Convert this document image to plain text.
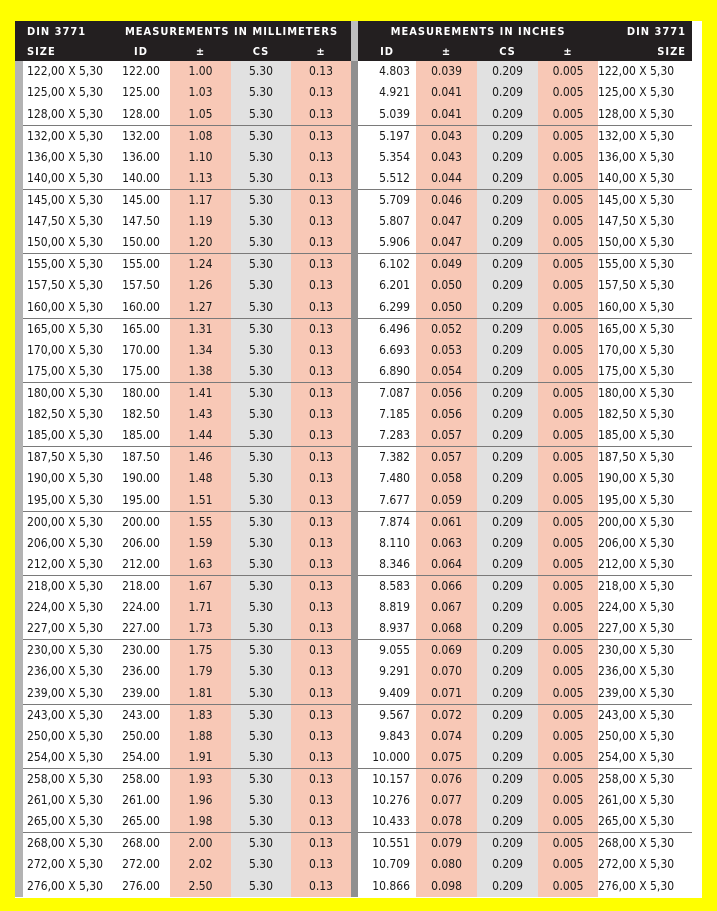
	DIN 3771	MEASUREMENTS IN MILLIMETERS					MEASUREMENTS IN INCHES				DIN 3771
	SIZE	ID	±	CS	±		ID	±	CS	±	SIZE
	122,00 X 5,30	122.00	1.00	5.30	0.13		4.803	0.039	0.209	0.005	122,00 X 5,30
	125,00 X 5,30	125.00	1.03	5.30	0.13		4.921	0.041	0.209	0.005	125,00 X 5,30
	128,00 X 5,30	128.00	1.05	5.30	0.13		5.039	0.041	0.209	0.005	128,00 X 5,30
	132,00 X 5,30	132.00	1.08	5.30	0.13		5.197	0.043	0.209	0.005	132,00 X 5,30
	136,00 X 5,30	136.00	1.10	5.30	0.13		5.354	0.043	0.209	0.005	136,00 X 5,30
	140,00 X 5,30	140.00	1.13	5.30	0.13		5.512	0.044	0.209	0.005	140,00 X 5,30
	145,00 X 5,30	145.00	1.17	5.30	0.13		5.709	0.046	0.209	0.005	145,00 X 5,30
	147,50 X 5,30	147.50	1.19	5.30	0.13		5.807	0.047	0.209	0.005	147,50 X 5,30
	150,00 X 5,30	150.00	1.20	5.30	0.13		5.906	0.047	0.209	0.005	150,00 X 5,30
	155,00 X 5,30	155.00	1.24	5.30	0.13		6.102	0.049	0.209	0.005	155,00 X 5,30
	157,50 X 5,30	157.50	1.26	5.30	0.13		6.201	0.050	0.209	0.005	157,50 X 5,30
	160,00 X 5,30	160.00	1.27	5.30	0.13		6.299	0.050	0.209	0.005	160,00 X 5,30
	165,00 X 5,30	165.00	1.31	5.30	0.13		6.496	0.052	0.209	0.005	165,00 X 5,30
	170,00 X 5,30	170.00	1.34	5.30	0.13		6.693	0.053	0.209	0.005	170,00 X 5,30
	175,00 X 5,30	175.00	1.38	5.30	0.13		6.890	0.054	0.209	0.005	175,00 X 5,30
	180,00 X 5,30	180.00	1.41	5.30	0.13		7.087	0.056	0.209	0.005	180,00 X 5,30
	182,50 X 5,30	182.50	1.43	5.30	0.13		7.185	0.056	0.209	0.005	182,50 X 5,30
	185,00 X 5,30	185.00	1.44	5.30	0.13		7.283	0.057	0.209	0.005	185,00 X 5,30
	187,50 X 5,30	187.50	1.46	5.30	0.13		7.382	0.057	0.209	0.005	187,50 X 5,30
	190,00 X 5,30	190.00	1.48	5.30	0.13		7.480	0.058	0.209	0.005	190,00 X 5,30
	195,00 X 5,30	195.00	1.51	5.30	0.13		7.677	0.059	0.209	0.005	195,00 X 5,30
	200,00 X 5,30	200.00	1.55	5.30	0.13		7.874	0.061	0.209	0.005	200,00 X 5,30
	206,00 X 5,30	206.00	1.59	5.30	0.13		8.110	0.063	0.209	0.005	206,00 X 5,30
	212,00 X 5,30	212.00	1.63	5.30	0.13		8.346	0.064	0.209	0.005	212,00 X 5,30
	218,00 X 5,30	218.00	1.67	5.30	0.13		8.583	0.066	0.209	0.005	218,00 X 5,30
	224,00 X 5,30	224.00	1.71	5.30	0.13		8.819	0.067	0.209	0.005	224,00 X 5,30
	227,00 X 5,30	227.00	1.73	5.30	0.13		8.937	0.068	0.209	0.005	227,00 X 5,30
	230,00 X 5,30	230.00	1.75	5.30	0.13		9.055	0.069	0.209	0.005	230,00 X 5,30
	236,00 X 5,30	236.00	1.79	5.30	0.13		9.291	0.070	0.209	0.005	236,00 X 5,30
	239,00 X 5,30	239.00	1.81	5.30	0.13		9.409	0.071	0.209	0.005	239,00 X 5,30
	243,00 X 5,30	243.00	1.83	5.30	0.13		9.567	0.072	0.209	0.005	243,00 X 5,30
	250,00 X 5,30	250.00	1.88	5.30	0.13		9.843	0.074	0.209	0.005	250,00 X 5,30
	254,00 X 5,30	254.00	1.91	5.30	0.13		10.000	0.075	0.209	0.005	254,00 X 5,30
	258,00 X 5,30	258.00	1.93	5.30	0.13		10.157	0.076	0.209	0.005	258,00 X 5,30
	261,00 X 5,30	261.00	1.96	5.30	0.13		10.276	0.077	0.209	0.005	261,00 X 5,30
	265,00 X 5,30	265.00	1.98	5.30	0.13		10.433	0.078	0.209	0.005	265,00 X 5,30
	268,00 X 5,30	268.00	2.00	5.30	0.13		10.551	0.079	0.209	0.005	268,00 X 5,30
	272,00 X 5,30	272.00	2.02	5.30	0.13		10.709	0.080	0.209	0.005	272,00 X 5,30
	276,00 X 5,30	276.00	2.50	5.30	0.13		10.866	0.098	0.209	0.005	276,00 X 5,30
